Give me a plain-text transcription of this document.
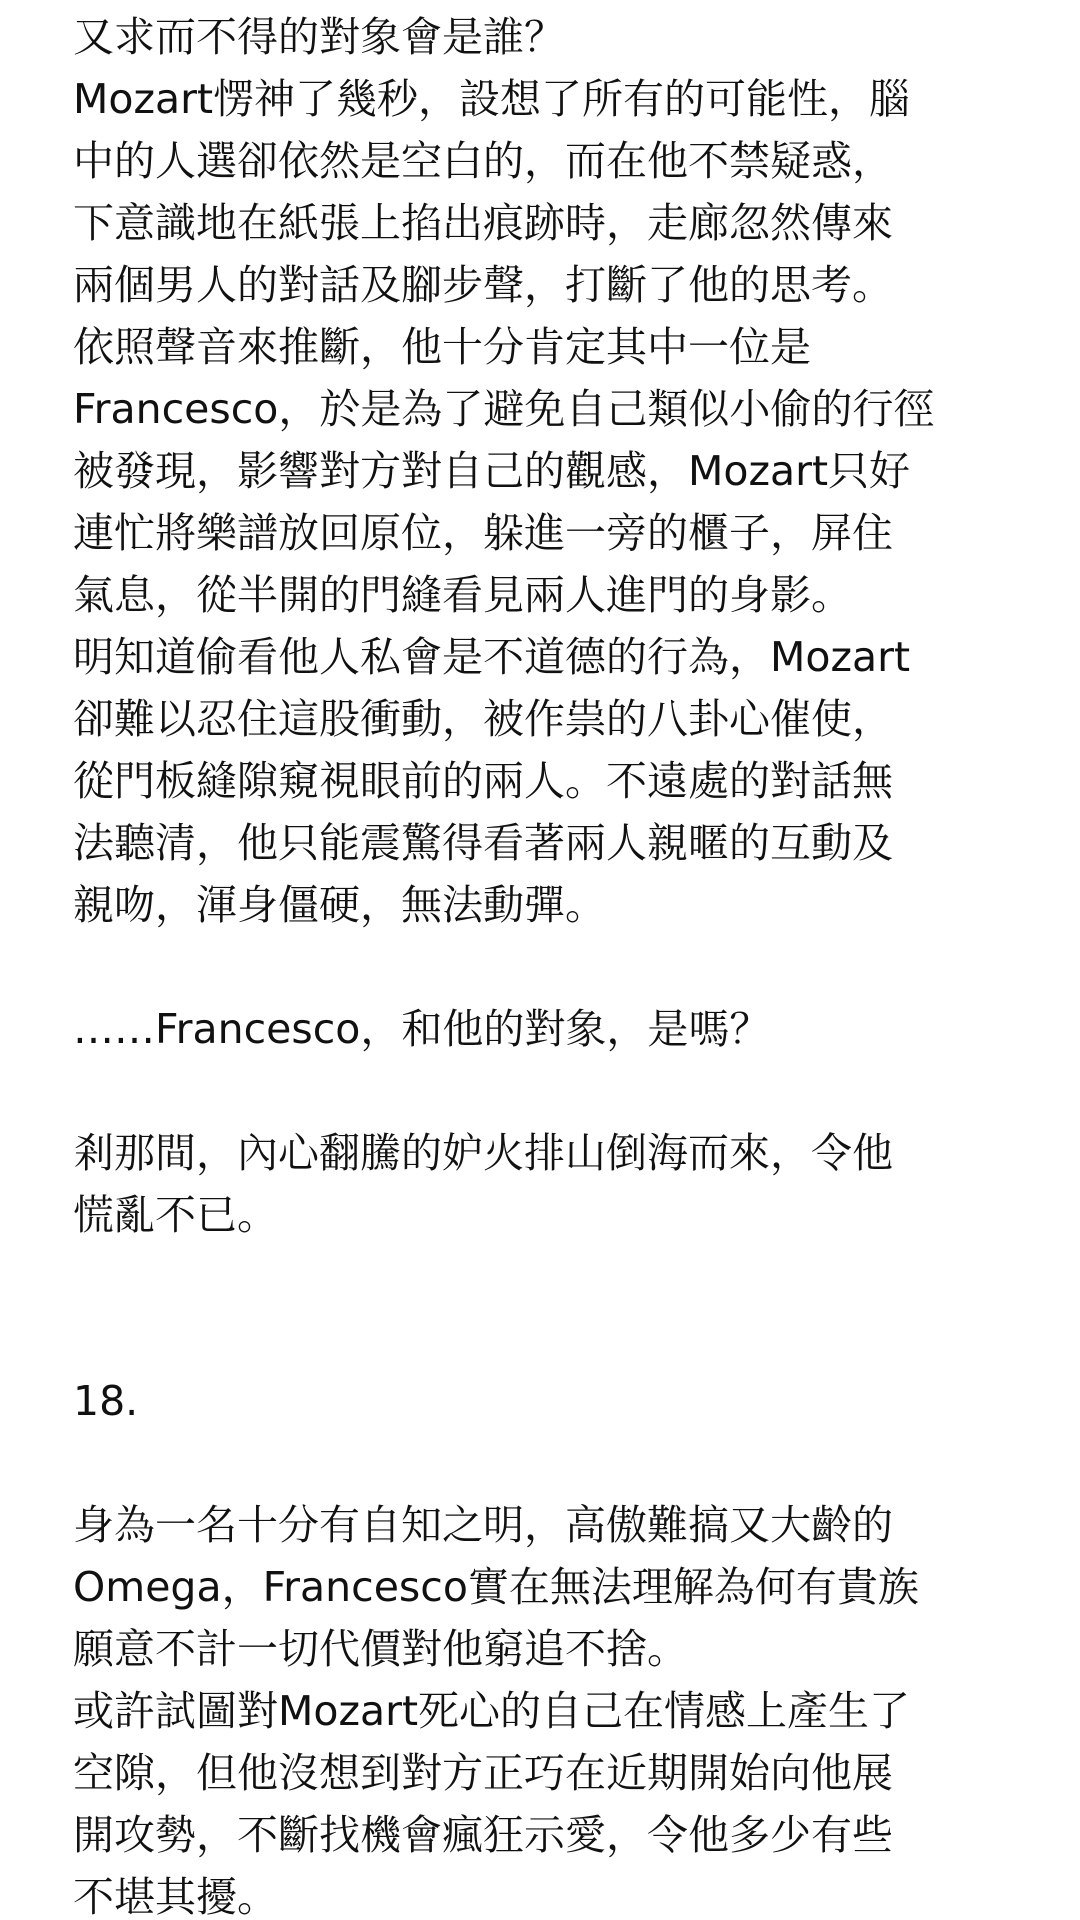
又求而不得的對象會是誰？
Mozart愣神了幾秒，設想了所有的可能性，腦
中的人選卻依然是空白的，而在他不禁疑惑，
下意識地在紙張上掐出痕跡時，走廊忽然傳來
兩個男人的對話及腳步聲，打斷了他的思考。
依照聲音來推斷，他十分肯定其中一位是
Francesco，於是為了避免自己類似小偷的行徑
被發現，影響對方對自己的觀感，Mozart只好
連忙將樂譜放回原位，躲進一旁的櫃子，屏住
氣息，從半開的門縫看見兩人進門的身影。
明知道偷看他人私會是不道德的行為，Mozart
卻難以忍住這股衝動，被作祟的八卦心催使，
從門板縫隙窺視眼前的兩人。不遠處的對話無
法聽清，他只能震驚得看著兩人親暱的互動及
親吻，渾身僵硬，無法動彈。
……Francesco，和他的對象，是嗎？
剎那間，內心翻騰的妒火排山倒海而來，令他
慌亂不已。
18.
身為一名十分有自知之明，高傲難搞又大齡的
Omega，Francesco實在無法理解為何有貴族
願意不計一切代價對他窮追不捨。
或許試圖對Mozart死心的自己在情感上產生了
空隙，但他沒想到對方正巧在近期開始向他展
開攻勢，不斷找機會瘋狂示愛，令他多少有些
不堪其擾。
